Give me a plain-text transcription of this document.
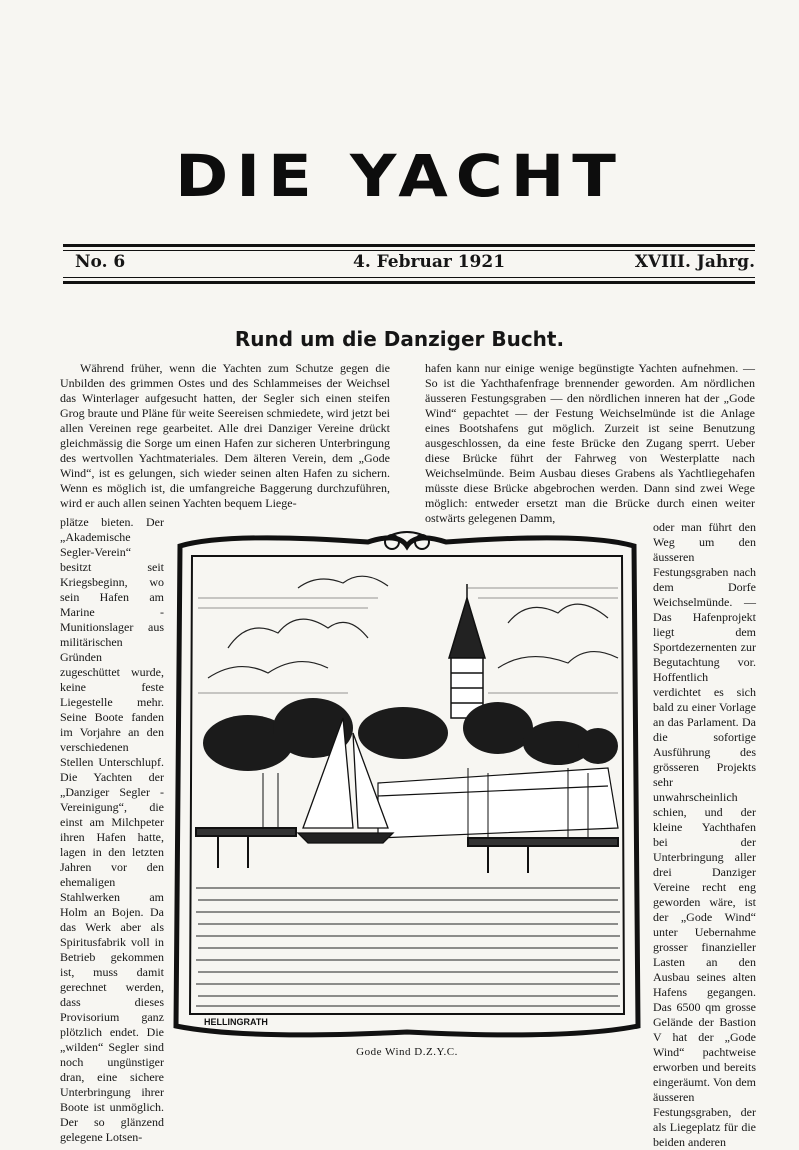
DIE YACHT
No. 6	4. Februar 1921	XVIII. Jahrg.
Rund um die Danziger Bucht.
Während früher, wenn die Yachten zum Schutze gegen die Unbilden des grimmen Ostes und des Schlammeises der Weichsel das Winterlager aufgesucht hatten, der Segler sich einen steifen Grog braute und Pläne für weite Seereisen schmiedete, wird jetzt bei allen Vereinen rege gearbeitet. Alle drei Danziger Vereine drückt gleichmässig die Sorge um einen Hafen zur sicheren Unterbringung des wertvollen Yachtmateriales. Dem älteren Verein, dem „Gode Wind“, ist es gelungen, sich wieder seinen alten Hafen zu sichern. Wenn es möglich ist, die umfangreiche Baggerung durchzuführen, wird er auch allen seinen Yachten bequem Liege-
hafen kann nur einige wenige begünstigte Yachten aufnehmen. — So ist die Yachthafenfrage brennender geworden. Am nördlichen äusseren Festungsgraben — den nördlichen inneren hat der „Gode Wind“ gepachtet — der Festung Weichselmünde ist die Anlage eines Bootshafens gut möglich. Zurzeit ist seine Benutzung ausgeschlossen, da eine feste Brücke den Zugang sperrt. Ueber diese Brücke führt der Fahrweg von Westerplatte nach Weichselmünde. Beim Ausbau dieses Grabens als Yachtliegehafen müsste diese Brücke abgebrochen werden. Dann sind zwei Wege möglich: entweder ersetzt man die Brücke durch einen weiter ostwärts gelegenen Damm,
plätze bieten. Der „Akademische Segler-Verein“ besitzt seit Kriegsbeginn, wo sein Hafen am Marine - Munitionslager aus militärischen Gründen zugeschüttet wurde, keine feste Liegestelle mehr. Seine Boote fanden im Vorjahre an den verschiedenen Stellen Unterschlupf. Die Yachten der „Danziger Segler - Vereinigung“, die einst am Milchpeter ihren Hafen hatte, lagen in den letzten Jahren vor den ehemaligen Stahlwerken am Holm an Bojen. Da das Werk aber als Spiritusfabrik voll in Betrieb gekommen ist, muss damit gerechnet werden, dass dieses Provisorium ganz plötzlich endet. Die „wilden“ Segler sind noch ungünstiger dran, eine sichere Unterbringung ihrer Boote ist unmöglich. Der so glänzend gelegene Lotsen-
oder man führt den Weg um den äusseren Festungsgraben nach dem Dorfe Weichselmünde. — Das Hafenprojekt liegt dem Sportdezernenten zur Begutachtung vor. Hoffentlich verdichtet es sich bald zu einer Vorlage an das Parlament. Da die sofortige Ausführung des grösseren Projekts sehr unwahrscheinlich schien, und der kleine Yachthafen bei der Unterbringung aller drei Danziger Vereine recht eng geworden wäre, ist der „Gode Wind“ unter Uebernahme grosser finanzieller Lasten an den Ausbau seines alten Hafens gegangen. Das 6500 qm grosse Gelände der Bastion V hat der „Gode Wind“ pachtweise erworben und bereits eingeräumt. Von dem äusseren Festungsgraben, der als Liegeplatz für die beiden anderen
HELLINGRATH
Gode Wind D.Z.Y.C.
